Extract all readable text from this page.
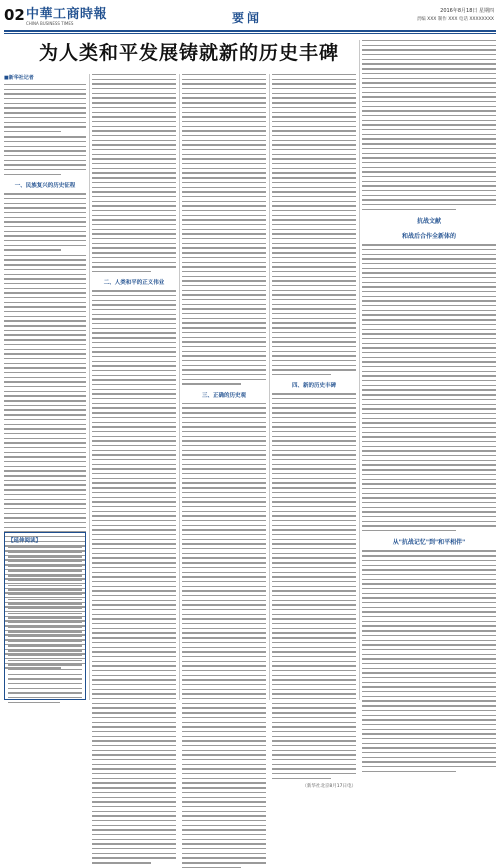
02 中華工商時報
CHINA BUSINESS TIMES	要闻	2016年8月18日 星期四
责编 XXX 制作 XXX 电话 XXXXXXXX
为人类和平发展铸就新的历史丰碑
■新华社记者
一、民族复兴的历史征程
【延伸阅读】
二、人类和平的正义伟业
三、正确的历史观
四、新的历史丰碑
（新华社北京8月17日电）
抗战文献
和战后合作全新体的
从"抗战记忆"到"和平相伴"
